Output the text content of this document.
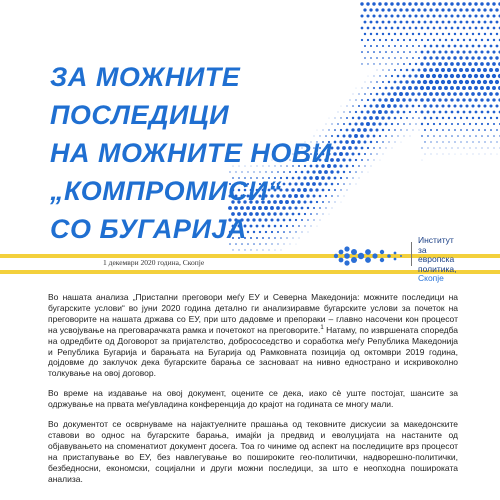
ЗА МОЖНИТЕ
ПОСЛЕДИЦИ
НА МОЖНИТЕ НОВИ
„КОМПРОМИСИ“
СО БУГАРИЈА
1 декември 2020 година, Скопје
Институт
за
европска
политика,
Скопје

Во нашата анализа „Пристапни преговори меѓу ЕУ и Северна Македонија: можните последици на бугарските услови“ во јуни 2020 година детално ги анализиравме бугарските услови за почеток на преговорите на нашата држава со ЕУ, при што дадовме и препораки – главно насочени кон процесот на усвојување на преговарачката рамка и почетокот на преговорите.$^1$ Натаму, по извршената споредба на одредбите од Договорот за пријателство, добрососедство и соработка меѓу Република Македонија и Република Бугарија и барањата на Бугарија од Рамковната позиција од октомври 2019 година, дојдовме до заклучок дека бугарските барања се засноваат на нивно еднострано и искривоколно толкување на овој договор.

Во време на издавање на овој документ, оцените се дека, иако сè уште постојат, шансите за одржување на првата меѓувладина конференција до крајот на годината се многу мали.

Во документот се осврнуваме на најактуелните прашања од тековните дискусии за македонските ставови во однос на бугарските барања, имајќи ја предвид и еволуцијата на настаните од објавувањето на споменатиот документ досега. Тоа го чиниме од аспект на последиците врз процесот на пристапување во ЕУ, без навлегување во пошироките гео-политички, надворешно-политички, безбедносни, економски, социјални и други можни последици, за што е неопходна пошироката анализа.
